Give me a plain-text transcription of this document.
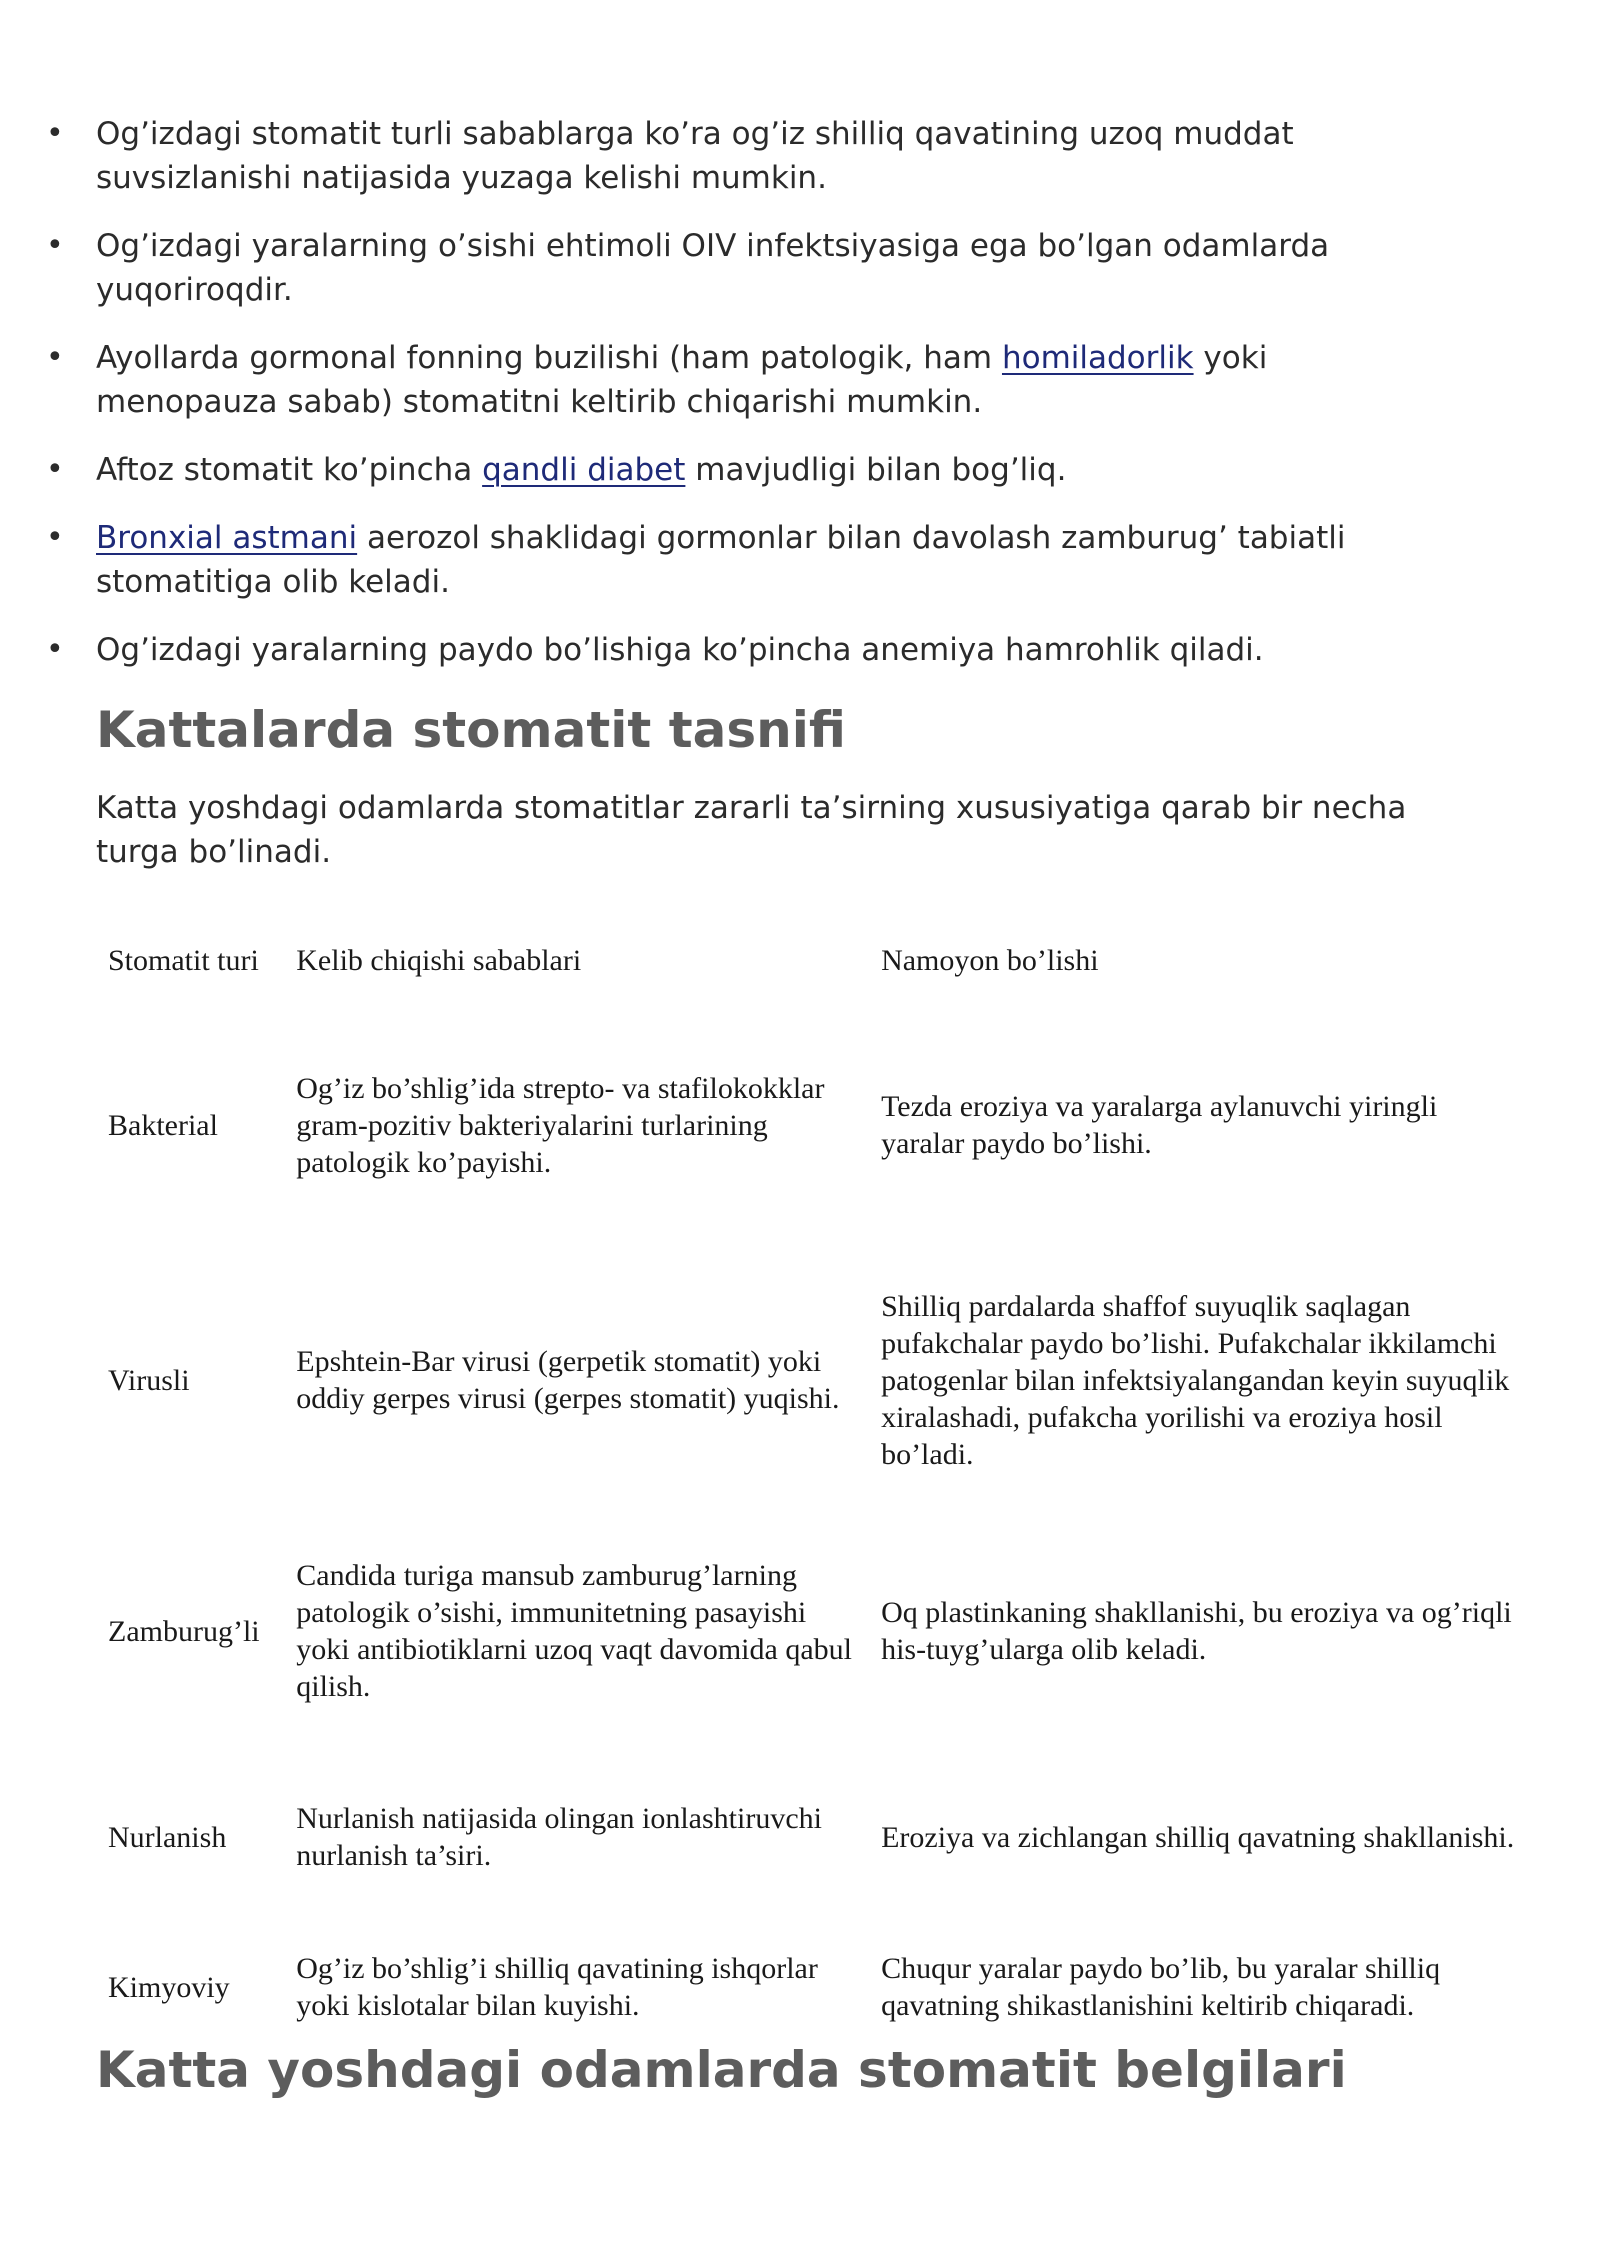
• Og’izdagi stomatit turli sabablarga ko’ra og’iz shilliq qavatining uzoq muddat suvsizlanishi natijasida yuzaga kelishi mumkin.
• Og’izdagi yaralarning o’sishi ehtimoli OIV infektsiyasiga ega bo’lgan odamlarda yuqoriroqdir.
• Ayollarda gormonal fonning buzilishi (ham patologik, ham homiladorlik yoki menopauza sabab) stomatitni keltirib chiqarishi mumkin.
• Aftoz stomatit ko’pincha qandli diabet mavjudligi bilan bog’liq.
• Bronxial astmani aerozol shaklidagi gormonlar bilan davolash zamburug’ tabiatli stomatitiga olib keladi.
• Og’izdagi yaralarning paydo bo’lishiga ko’pincha anemiya hamrohlik qiladi.
Kattalarda stomatit tasnifi

Katta yoshdagi odamlarda stomatitlar zararli ta’sirning xususiyatiga qarab bir necha turga bo’linadi.

Stomatit turi	Kelib chiqishi sabablari	Namoyon bo’lishi
Bakterial	Og’iz bo’shlig’ida strepto- va stafilokokklar gram-pozitiv bakteriyalarini turlarining patologik ko’payishi.	Tezda eroziya va yaralarga aylanuvchi yiringli yaralar paydo bo’lishi.
Virusli	Epshtein-Bar virusi (gerpetik stomatit) yoki oddiy gerpes virusi (gerpes stomatit) yuqishi.	Shilliq pardalarda shaffof suyuqlik saqlagan pufakchalar paydo bo’lishi. Pufakchalar ikkilamchi patogenlar bilan infektsiyalangandan keyin suyuqlik xiralashadi, pufakcha yorilishi va eroziya hosil bo’ladi.
Zamburug’li	Candida turiga mansub zamburug’larning patologik o’sishi, immunitetning pasayishi yoki antibiotiklarni uzoq vaqt davomida qabul qilish.	Oq plastinkaning shakllanishi, bu eroziya va og’riqli his-tuyg’ularga olib keladi.
Nurlanish	Nurlanish natijasida olingan ionlashtiruvchi nurlanish ta’siri.	Eroziya va zichlangan shilliq qavatning shakllanishi.
Kimyoviy	Og’iz bo’shlig’i shilliq qavatining ishqorlar yoki kislotalar bilan kuyishi.	Chuqur yaralar paydo bo’lib, bu yaralar shilliq qavatning shikastlanishini keltirib chiqaradi.
Katta yoshdagi odamlarda stomatit belgilari
